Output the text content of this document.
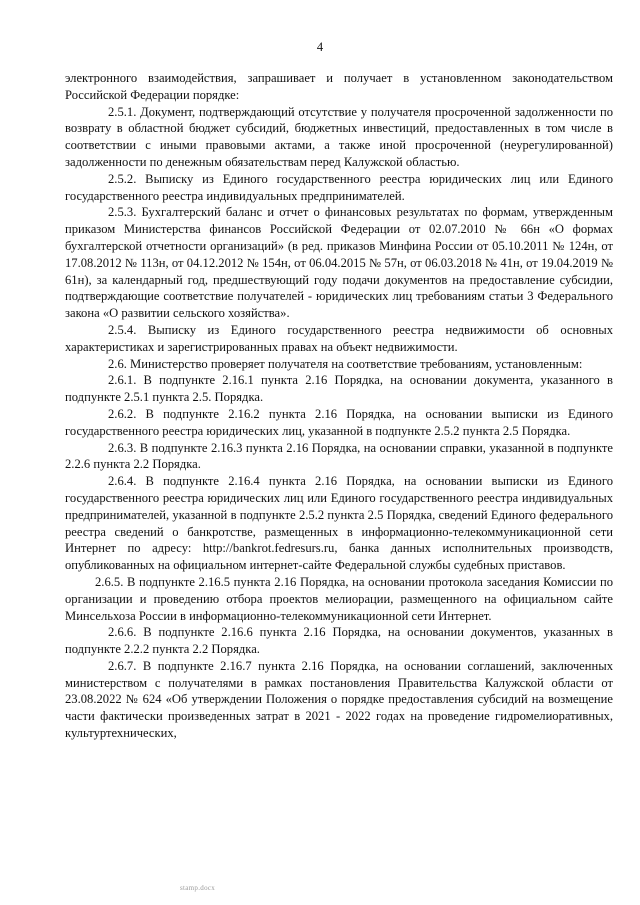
4

электронного взаимодействия, запрашивает и получает в установленном законодательством Российской Федерации порядке:

2.5.1. Документ, подтверждающий отсутствие у получателя просроченной задолженности по возврату в областной бюджет субсидий, бюджетных инвестиций, предоставленных в том числе в соответствии с иными правовыми актами, а также иной просроченной (неурегулированной) задолженности по денежным обязательствам перед Калужской областью.

2.5.2. Выписку из Единого государственного реестра юридических лиц или Единого государственного реестра индивидуальных предпринимателей.

2.5.3. Бухгалтерский баланс и отчет о финансовых результатах по формам, утвержденным приказом Министерства финансов Российской Федерации от 02.07.2010 № 66н «О формах бухгалтерской отчетности организаций» (в ред. приказов Минфина России от 05.10.2011 № 124н, от 17.08.2012 № 113н, от 04.12.2012 № 154н, от 06.04.2015 № 57н, от 06.03.2018 № 41н, от 19.04.2019 № 61н), за календарный год, предшествующий году подачи документов на предоставление субсидии, подтверждающие соответствие получателей - юридических лиц требованиям статьи 3 Федерального закона «О развитии сельского хозяйства».

2.5.4. Выписку из Единого государственного реестра недвижимости об основных характеристиках и зарегистрированных правах на объект недвижимости.

2.6. Министерство проверяет получателя на соответствие требованиям, установленным:

2.6.1. В подпункте 2.16.1 пункта 2.16 Порядка, на основании документа, указанного в подпункте 2.5.1 пункта 2.5. Порядка.

2.6.2. В подпункте 2.16.2 пункта 2.16 Порядка, на основании выписки из Единого государственного реестра юридических лиц, указанной в подпункте 2.5.2 пункта 2.5 Порядка.

2.6.3. В подпункте 2.16.3 пункта 2.16 Порядка, на основании справки, указанной в подпункте 2.2.6 пункта 2.2 Порядка.

2.6.4. В подпункте 2.16.4 пункта 2.16 Порядка, на основании выписки из Единого государственного реестра юридических лиц или Единого государственного реестра индивидуальных предпринимателей, указанной в подпункте 2.5.2 пункта 2.5 Порядка, сведений Единого федерального реестра сведений о банкротстве, размещенных в информационно-телекоммуникационной сети Интернет по адресу: http://bankrot.fedresurs.ru, банка данных исполнительных производств, опубликованных на официальном интернет-сайте Федеральной службы судебных приставов.

2.6.5. В подпункте 2.16.5 пункта 2.16 Порядка, на основании протокола заседания Комиссии по организации и проведению отбора проектов мелиорации, размещенного на официальном сайте Минсельхоза России в информационно-телекоммуникационной сети Интернет.

2.6.6. В подпункте 2.16.6 пункта 2.16 Порядка, на основании документов, указанных в подпункте 2.2.2 пункта 2.2 Порядка.

2.6.7. В подпункте 2.16.7 пункта 2.16 Порядка, на основании соглашений, заключенных министерством с получателями в рамках постановления Правительства Калужской области от 23.08.2022 № 624 «Об утверждении Положения о порядке предоставления субсидий на возмещение части фактически произведенных затрат в 2021 - 2022 годах на проведение гидромелиоративных, культуртехнических,

stamp.docx
